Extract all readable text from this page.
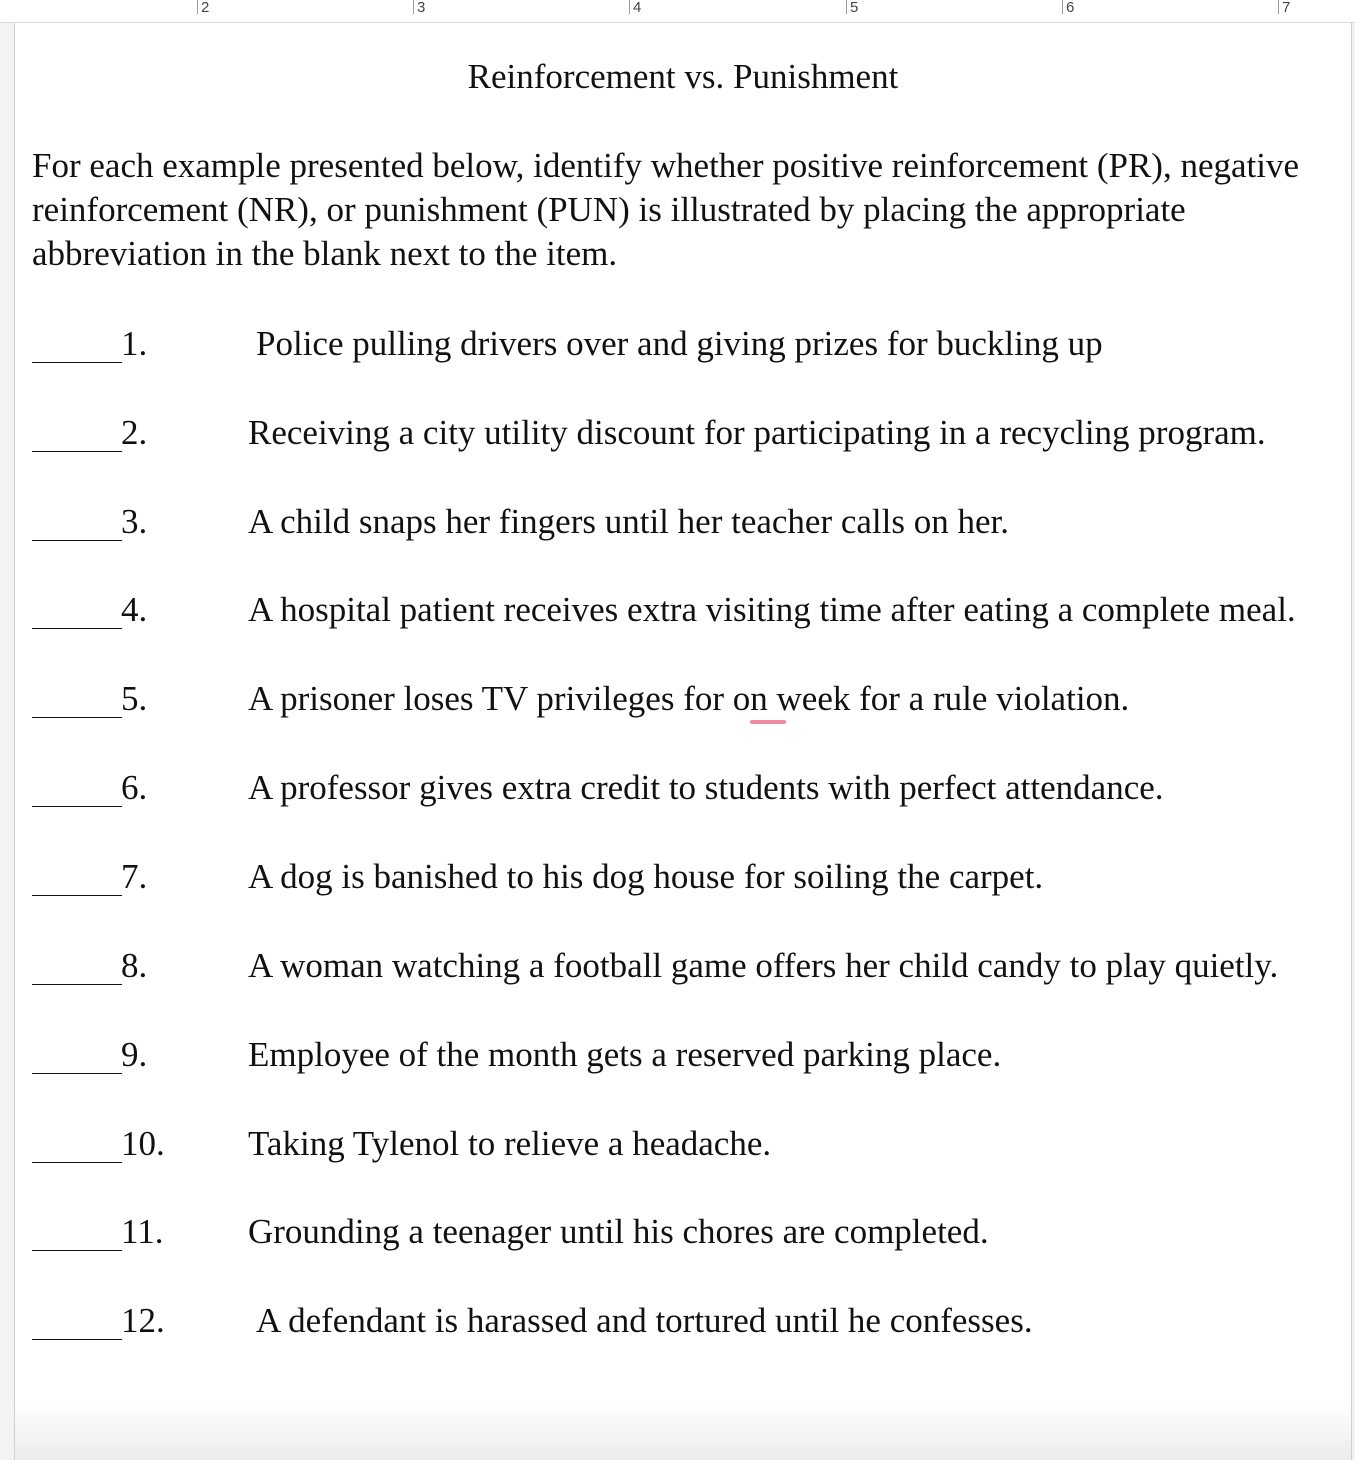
2	3	4	5	6	7
Reinforcement vs. Punishment

For each example presented below, identify whether positive reinforcement (PR), negative reinforcement (NR), or punishment (PUN) is illustrated by placing the appropriate abbreviation in the blank next to the item.

1.	Police pulling drivers over and giving prizes for buckling up
2.	Receiving a city utility discount for participating in a recycling program.
3.	A child snaps her fingers until her teacher calls on her.
4.	A hospital patient receives extra visiting time after eating a complete meal.
5.	A prisoner loses TV privileges for on week for a rule violation.
6.	A professor gives extra credit to students with perfect attendance.
7.	A dog is banished to his dog house for soiling the carpet.
8.	A woman watching a football game offers her child candy to play quietly.
9.	Employee of the month gets a reserved parking place.
10. Taking Tylenol to relieve a headache.
11. Grounding a teenager until his chores are completed.
12.	A defendant is harassed and tortured until he confesses.
